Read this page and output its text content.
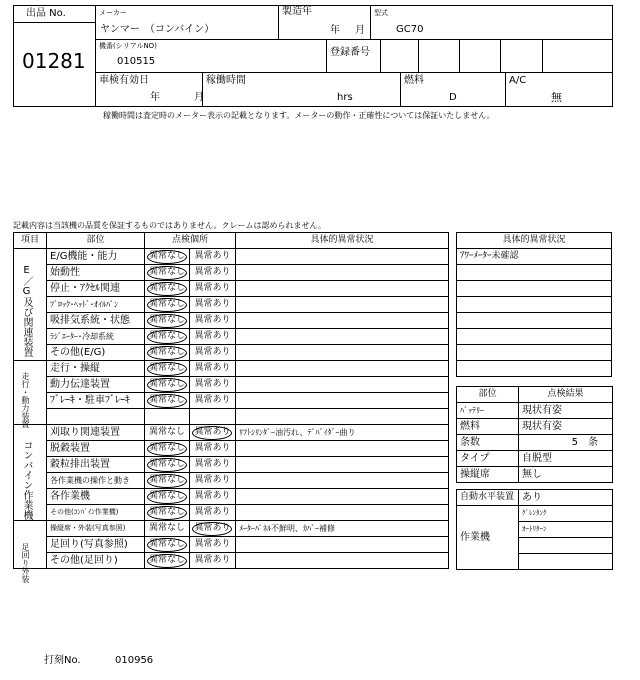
出品 No.
01281
メーカー
ヤンマー　（コンバイン）
製造年
年 月
型式
GC70
機番(シリアルNO)
010515
登録番号
車検有効日
年	月
稼働時間
hrs
燃料
D
A/C
無
稼働時間は査定時のメーター表示の記載となります。メーターの動作・正確性については保証いたしません。
記載内容は当該機の品質を保証するものではありません。クレームは認められません。
項目	部位	点検個所		具体的異常状況
	E/G機能・能力	異常なし	異常あり	
	始動性	異常なし	異常あり	
	停止・ｱｸｾﾙ関連	異常なし	異常あり	
	ﾌﾞﾛｯｸ･ﾍｯﾄﾞ･ｵｲﾙﾊﾟﾝ	異常なし	異常あり	
	吸排気系統・状態	異常なし	異常あり	
	ﾗｼﾞｴｰﾀｰ･冷却系統	異常なし	異常あり	
	その他(E/G)	異常なし	異常あり	
	走行・操縦	異常なし	異常あり	
	動力伝達装置	異常なし	異常あり	
	ﾌﾞﾚｰｷ・駐車ﾌﾞﾚｰｷ	異常なし	異常あり	

	刈取り関連装置	異常なし	異常あり	ﾘﾌﾄｼﾘﾝﾀﾞｰ油汚れ、ﾃﾞﾊﾞｲﾀﾞｰ曲り
	脱穀装置	異常なし	異常あり	
	穀粒排出装置	異常なし	異常あり	
	各作業機の操作と動き	異常なし	異常あり	
	各作業機	異常なし	異常あり	
	その他(ｺﾝﾊﾞｲﾝ作業機)	異常なし	異常あり	
	操縦席・外装(写真参照)	異常なし	異常あり	ﾒｰﾀｰﾊﾟﾈﾙ不鮮明、ｶﾊﾞｰ補修
	足回り(写真参照)	異常なし	異常あり	
	その他(足回り)	異常なし	異常あり	
E／G及び関連装置
走行・動力装置
コンバイン作業機
足回り外装
具体的異常状況
ｱﾜｰﾒｰﾀｰ未確認

部位	点検結果
ﾊﾞｯﾃﾘｰ	現状有姿
燃料	現状有姿
条数	5　条
タイプ	自脱型
操縦席	無し

自動水平装置	あり
作業機	ｸﾞﾚﾝﾀﾝｸ
	ｵｰﾄﾘﾀｰﾝ

打刻No.	010956
